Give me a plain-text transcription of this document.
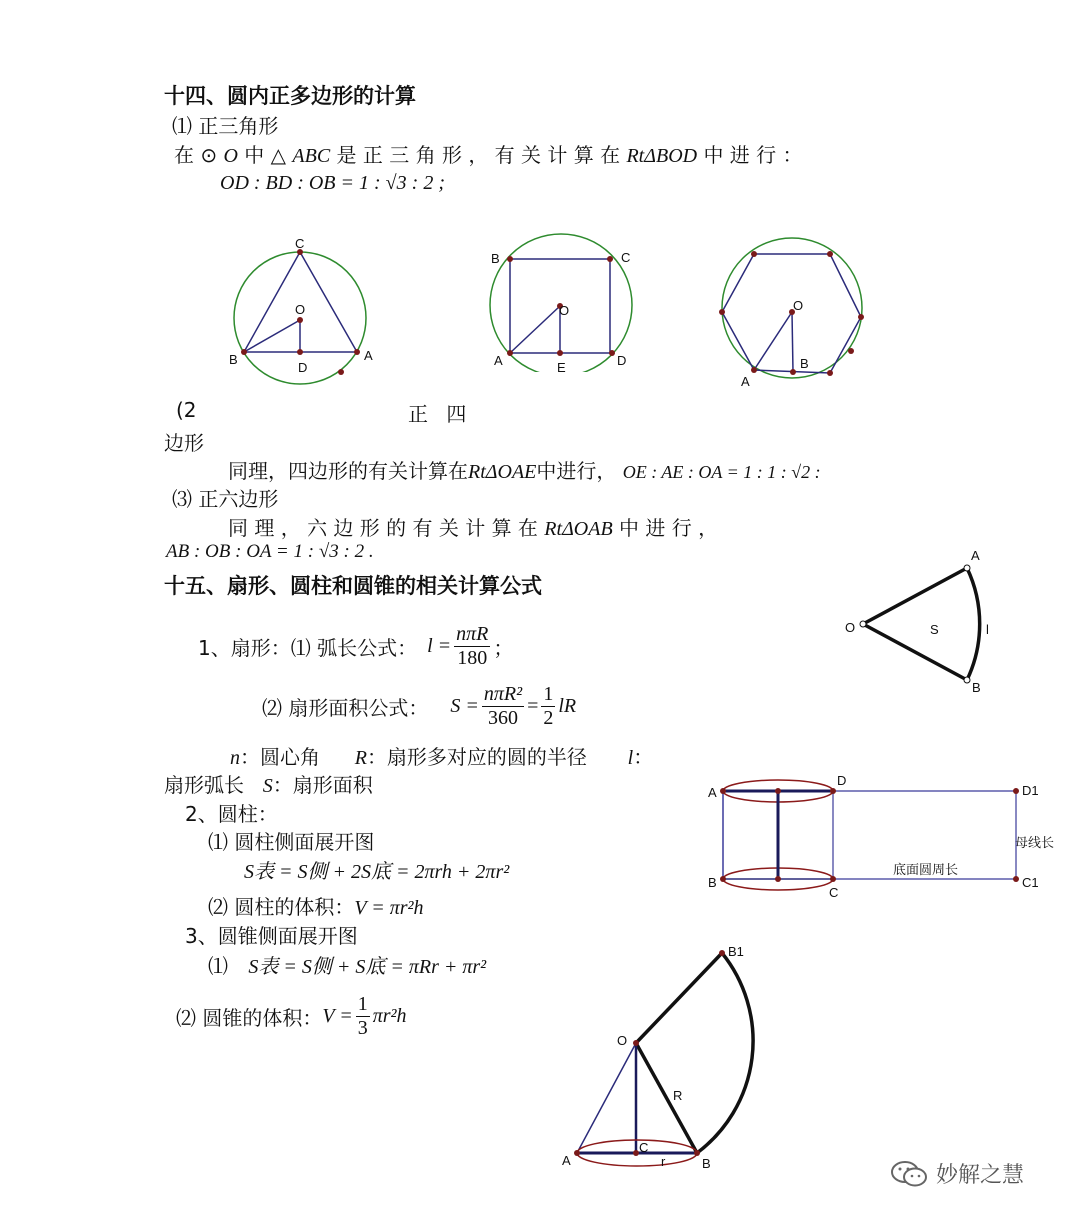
十四、圆内正多边形的计算
⑴ 正三角形
在 ⊙ O 中 △ ABC 是 正 三 角 形 ， 有 关 计 算 在 RtΔBOD 中 进 行 ：
OD : BD : OB = 1 : √3 : 2 ;
C
O
B
D
A
B	C
O
A	E	D
O
A
B
(2	正 四
边形
同理，四边形的有关计算在RtΔOAE中进行， OE : AE : OA = 1 : 1 : √2 :
⑶ 正六边形
同 理 ， 六 边 形 的 有 关 计 算 在 RtΔOAB 中 进 行 ，
AB : OB : OA = 1 : √3 : 2 .
十五、扇形、圆柱和圆锥的相关计算公式
A
O	S	l
B
1、扇形：⑴ 弧长公式： $l = \frac{\text{nπR}}{180}$ ；
⑵ 扇形面积公式： $S = \frac{\text{nπR²}}{360} = \frac{1}{2}$ lR
n：圆心角 R：扇形多对应的圆的半径 l：
扇形弧长 S：扇形面积
2、圆柱：
⑴ 圆柱侧面展开图
S表 = S侧 + 2S底 = 2πrh + 2πr²
⑵ 圆柱的体积：V = πr²h
A
D
D1
B
C
C1
母线长
底面圆周长
3、圆锥侧面展开图
⑴ S表 = S侧 + S底 = πRr + πr²
⑵ 圆锥的体积： $V = \frac{1}{3} \pi r^2h$
B1
O
R
C
A	r	B	妙解之慧
